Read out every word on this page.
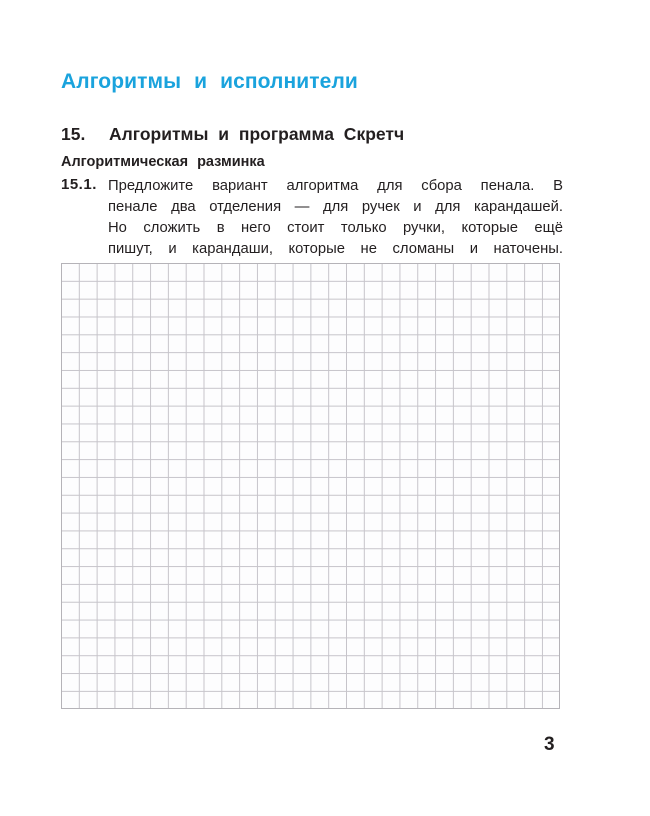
Алгоритмы и исполнители
15. Алгоритмы и программа Скретч
Алгоритмическая разминка
15.1. Предложите вариант алгоритма для сбора пенала. В
пенале два отделения — для ручек и для карандашей.
Но сложить в него стоит только ручки, которые ещё
пишут, и карандаши, которые не сломаны и наточены.
3
